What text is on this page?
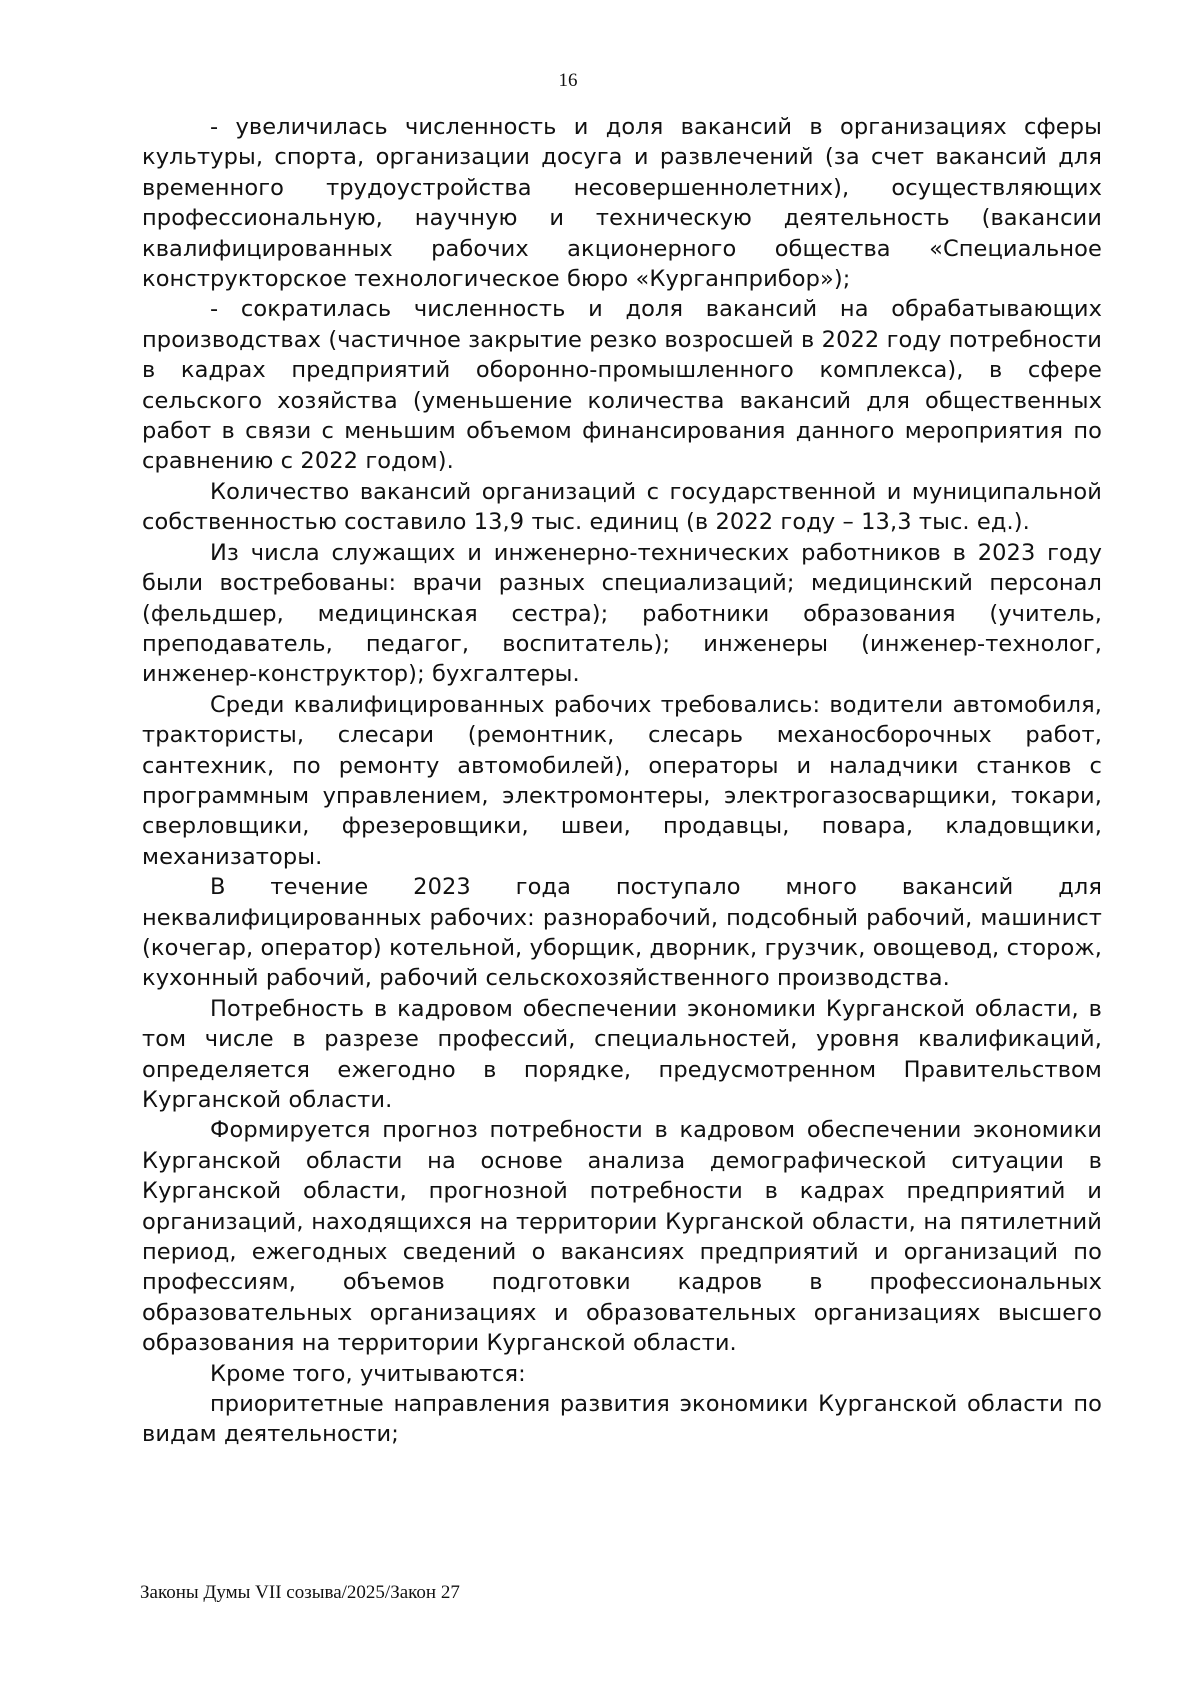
16

- увеличилась численность и доля вакансий в организациях сферы культуры, спорта, организации досуга и развлечений (за счет вакансий для временного трудоустройства несовершеннолетних), осуществляющих профессиональную, научную и техническую деятельность (вакансии квалифицированных рабочих акционерного общества «Специальное конструкторское технологическое бюро «Курганприбор»);

- сократилась численность и доля вакансий на обрабатывающих производствах (частичное закрытие резко возросшей в 2022 году потребности в кадрах предприятий оборонно-промышленного комплекса), в сфере сельского хозяйства (уменьшение количества вакансий для общественных работ в связи с меньшим объемом финансирования данного мероприятия по сравнению с 2022 годом).

Количество вакансий организаций с государственной и муниципальной собственностью составило 13,9 тыс. единиц (в 2022 году – 13,3 тыс. ед.).

Из числа служащих и инженерно-технических работников в 2023 году были востребованы: врачи разных специализаций; медицинский персонал (фельдшер, медицинская сестра); работники образования (учитель, преподаватель, педагог, воспитатель); инженеры (инженер-технолог, инженер-конструктор); бухгалтеры.

Среди квалифицированных рабочих требовались: водители автомобиля, трактористы, слесари (ремонтник, слесарь механосборочных работ, сантехник, по ремонту автомобилей), операторы и наладчики станков с программным управлением, электромонтеры, электрогазосварщики, токари, сверловщики, фрезеровщики, швеи, продавцы, повара, кладовщики, механизаторы.

В течение 2023 года поступало много вакансий для неквалифицированных рабочих: разнорабочий, подсобный рабочий, машинист (кочегар, оператор) котельной, уборщик, дворник, грузчик, овощевод, сторож, кухонный рабочий, рабочий сельскохозяйственного производства.

Потребность в кадровом обеспечении экономики Курганской области, в том числе в разрезе профессий, специальностей, уровня квалификаций, определяется ежегодно в порядке, предусмотренном Правительством Курганской области.

Формируется прогноз потребности в кадровом обеспечении экономики Курганской области на основе анализа демографической ситуации в Курганской области, прогнозной потребности в кадрах предприятий и организаций, находящихся на территории Курганской области, на пятилетний период, ежегодных сведений о вакансиях предприятий и организаций по профессиям, объемов подготовки кадров в профессиональных образовательных организациях и образовательных организациях высшего образования на территории Курганской области.

Кроме того, учитываются:

приоритетные направления развития экономики Курганской области по видам деятельности;

Законы Думы VII созыва/2025/Закон 27
